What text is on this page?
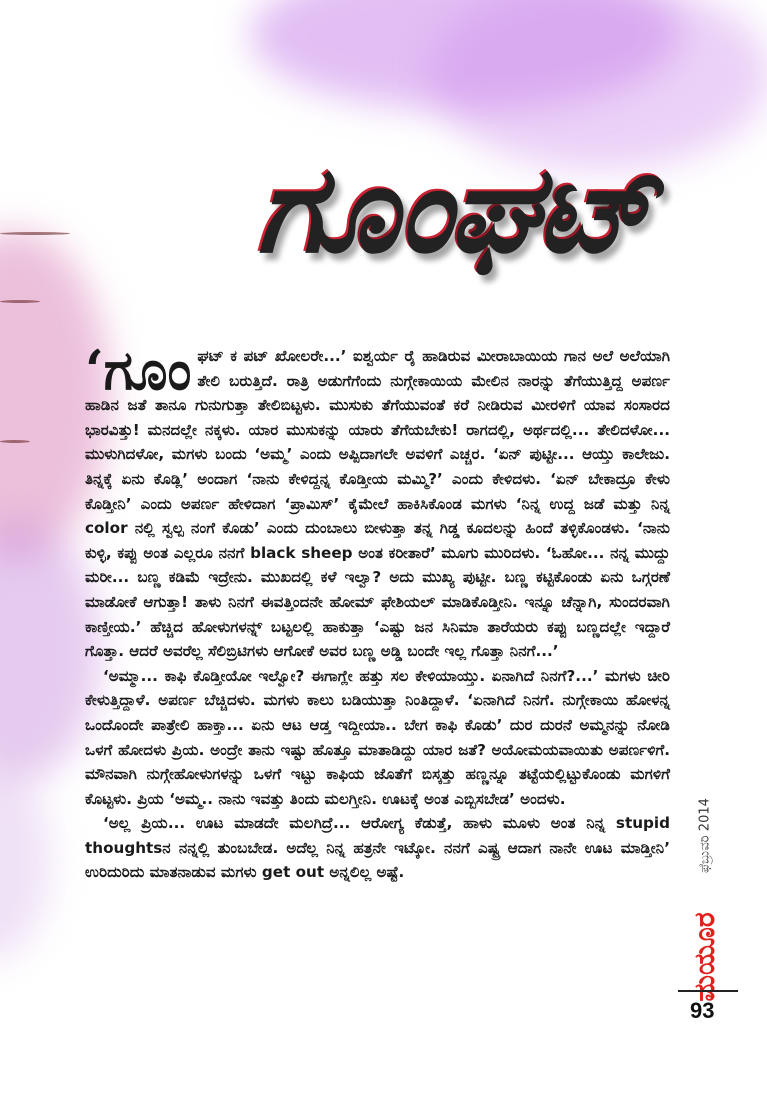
ಗೂಂಘಟ್

‘ಗೂಂಘಟ್ ಕ ಪಟ್ ಖೋಲರೇ...’ ಐಶ್ವರ್ಯ ರೈ ಹಾಡಿರುವ ಮೀರಾಬಾಯಿಯ ಗಾನ ಅಲೆ ಅಲೆಯಾಗಿ ತೇಲಿ ಬರುತ್ತಿದೆ. ರಾತ್ರಿ ಅಡುಗೆಗೆಂದು ನುಗ್ಗೇಕಾಯಿಯ ಮೇಲಿನ ನಾರನ್ನು ತೆಗೆಯುತ್ತಿದ್ದ ಅಪರ್ಣ ಹಾಡಿನ ಜತೆ ತಾನೂ ಗುನುಗುತ್ತಾ ತೇಲಿಬಿಟ್ಟಳು. ಮುಸುಕು ತೆಗೆಯುವಂತೆ ಕರೆ ನೀಡಿರುವ ಮೀರಳಿಗೆ ಯಾವ ಸಂಸಾರದ ಭಾರವಿತ್ತು! ಮನದಲ್ಲೇ ನಕ್ಕಳು. ಯಾರ ಮುಸುಕನ್ನು ಯಾರು ತೆಗೆಯಬೇಕು! ರಾಗದಲ್ಲಿ, ಅರ್ಥದಲ್ಲಿ... ತೇಲಿದಳೋ... ಮುಳುಗಿದಳೋ, ಮಗಳು ಬಂದು ‘ಅಮ್ಮ’ ಎಂದು ಅಪ್ಪಿದಾಗಲೇ ಅವಳಿಗೆ ಎಚ್ಚರ. ‘ಏನ್ ಪುಟ್ಟೀ... ಆಯ್ತು ಕಾಲೇಜು. ತಿನ್ನಕ್ಕೆ ಏನು ಕೊಡ್ಲಿ’ ಅಂದಾಗ ‘ನಾನು ಕೇಳಿದ್ದನ್ನ ಕೊಡ್ತೀಯ ಮಮ್ಮಿ?’ ಎಂದು ಕೇಳಿದಳು. ‘ಏನ್ ಬೇಕಾದ್ರೂ ಕೇಳು ಕೊಡ್ತೀನಿ’ ಎಂದು ಅಪರ್ಣ ಹೇಳಿದಾಗ ‘ಪ್ರಾಮಿಸ್’ ಕೈಮೇಲೆ ಹಾಕಿಸಿಕೊಂಡ ಮಗಳು ‘ನಿನ್ನ ಉದ್ದ ಜಡೆ ಮತ್ತು ನಿನ್ನ color ನಲ್ಲಿ ಸ್ವಲ್ಪ ನಂಗೆ ಕೊಡು’ ಎಂದು ದುಂಬಾಲು ಬೀಳುತ್ತಾ ತನ್ನ ಗಿಡ್ಡ ಕೂದಲನ್ನು ಹಿಂದೆ ತಳ್ಳಿಕೊಂಡಳು. ‘ನಾನು ಕುಳ್ಳಿ, ಕಪ್ಪು ಅಂತ ಎಲ್ಲರೂ ನನಗೆ black sheep ಅಂತ ಕರೀತಾರೆ’ ಮೂಗು ಮುರಿದಳು. ‘ಓಹೋ... ನನ್ನ ಮುದ್ದು ಮರೀ... ಬಣ್ಣ ಕಡಿಮೆ ಇದ್ರೇನು. ಮುಖದಲ್ಲಿ ಕಳೆ ಇಲ್ವಾ? ಅದು ಮುಖ್ಯ ಪುಟ್ಟೀ. ಬಣ್ಣ ಕಟ್ಟಿಕೊಂಡು ಏನು ಒಗ್ಗರಣೆ ಮಾಡೋಕೆ ಆಗುತ್ತಾ! ತಾಳು ನಿನಗೆ ಈವತ್ತಿಂದನೇ ಹೋಮ್ ಫೇಶಿಯಲ್ ಮಾಡಿಕೊಡ್ತೀನಿ. ಇನ್ನೂ ಚೆನ್ನಾಗಿ, ಸುಂದರವಾಗಿ ಕಾಣ್ತೀಯ.’ ಹೆಚ್ಚಿದ ಹೋಳುಗಳನ್ನ್ ಬಟ್ಟಲಲ್ಲಿ ಹಾಕುತ್ತಾ ‘ಎಷ್ಟು ಜನ ಸಿನಿಮಾ ತಾರೆಯರು ಕಪ್ಪು ಬಣ್ಣದಲ್ಲೇ ಇದ್ದಾರೆ ಗೊತ್ತಾ. ಆದರೆ ಅವರೆಲ್ಲ ಸೆಲಿಬ್ರಿಟಿಗಳು ಆಗೋಕೆ ಅವರ ಬಣ್ಣ ಅಡ್ಡಿ ಬಂದೇ ಇಲ್ಲ ಗೊತ್ತಾ ನಿನಗೆ...’

‘ಅಮ್ಮಾ... ಕಾಫಿ ಕೊಡ್ತೀಯೋ ಇಲ್ವೋ? ಈಗಾಗ್ಲೇ ಹತ್ತು ಸಲ ಕೇಳಿಯಾಯ್ತು. ಏನಾಗಿದೆ ನಿನಗೆ?...’ ಮಗಳು ಚೀರಿ ಕೇಳುತ್ತಿದ್ದಾಳೆ. ಅಪರ್ಣ ಬೆಚ್ಚಿದಳು. ಮಗಳು ಕಾಲು ಬಡಿಯುತ್ತಾ ನಿಂತಿದ್ದಾಳೆ. ‘ಏನಾಗಿದೆ ನಿನಗೆ. ನುಗ್ಗೇಕಾಯಿ ಹೋಳನ್ನ ಒಂದೊಂದೇ ಪಾತ್ರೇಲಿ ಹಾಕ್ತಾ... ಏನು ಆಟ ಆಡ್ತ ಇದ್ದೀಯಾ.. ಬೇಗ ಕಾಫಿ ಕೊಡು’ ದುರ ದುರನೆ ಅಮ್ಮನನ್ನು ನೋಡಿ ಒಳಗೆ ಹೋದಳು ಪ್ರಿಯ. ಅಂದ್ರೇ ತಾನು ಇಷ್ಟು ಹೊತ್ತೂ ಮಾತಾಡಿದ್ದು ಯಾರ ಜತೆ? ಅಯೋಮಯವಾಯಿತು ಅಪರ್ಣಳಿಗೆ. ಮೌನವಾಗಿ ನುಗ್ಗೇಹೋಳುಗಳನ್ನು ಒಳಗೆ ಇಟ್ಟು ಕಾಫಿಯ ಜೊತೆಗೆ ಬಿಸ್ಕತ್ತು ಹಣ್ಣನ್ನೂ ತಟ್ಟೆಯಲ್ಲಿಟ್ಟುಕೊಂಡು ಮಗಳಿಗೆ ಕೊಟ್ಟಳು. ಪ್ರಿಯ ‘ಅಮ್ಮ.. ನಾನು ಇವತ್ತು ತಿಂದು ಮಲಗ್ತೀನಿ. ಊಟಕ್ಕೆ ಅಂತ ಎಬ್ಬಿಸಬೇಡ’ ಅಂದಳು.

‘ಅಲ್ಲ ಪ್ರಿಯ... ಊಟ ಮಾಡದೇ ಮಲಗಿದ್ರೆ... ಆರೋಗ್ಯ ಕೆಡುತ್ತೆ, ಹಾಳು ಮೂಳು ಅಂತ ನಿನ್ನ stupid thoughtsನ ನನ್ನಲ್ಲಿ ತುಂಬಬೇಡ. ಅದೆಲ್ಲ ನಿನ್ನ ಹತ್ರನೇ ಇಟ್ಕೋ. ನನಗೆ ಎಷ್ಟ್ರ ಆದಾಗ ನಾನೇ ಊಟ ಮಾಡ್ತೀನಿ’ ಉರಿದುರಿದು ಮಾತನಾಡುವ ಮಗಳು get out ಅನ್ನಲಿಲ್ಲ ಅಷ್ಟೆ.	ಫೆಬ್ರುವರಿ 2014
ಮಯೂರ
93
